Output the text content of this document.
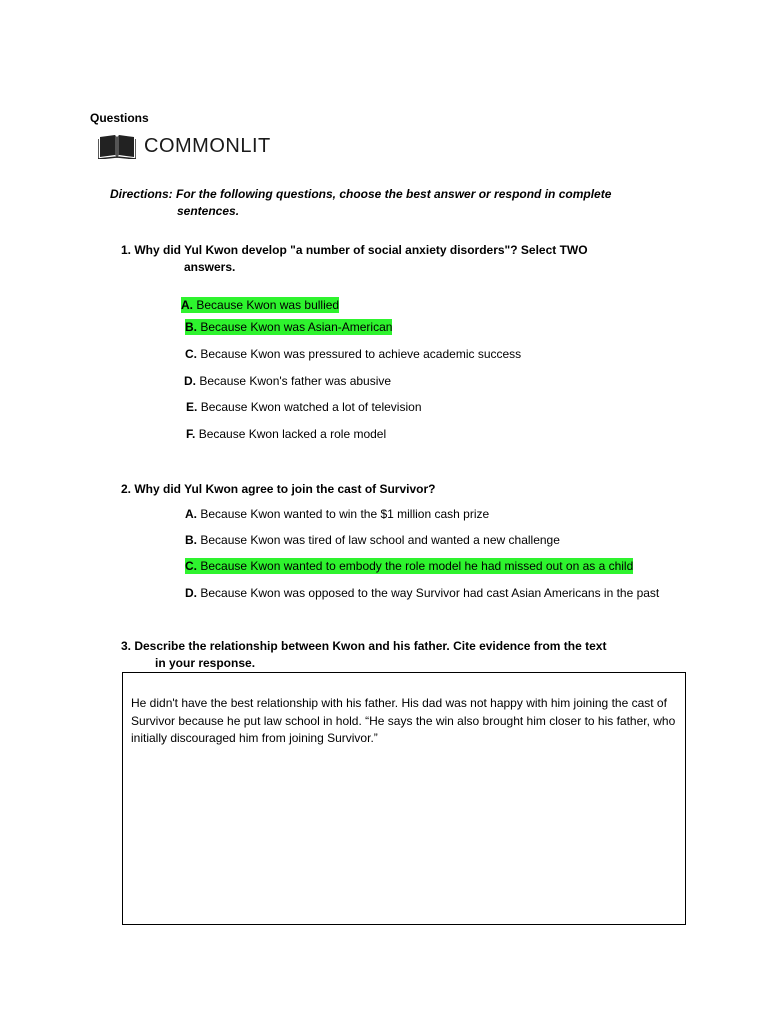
Questions
COMMONLIT
Directions: For the following questions, choose the best answer or respond in complete
sentences.
1. Why did Yul Kwon develop "a number of social anxiety disorders"? Select TWO
answers.
A. Because Kwon was bullied
B. Because Kwon was Asian-American
C. Because Kwon was pressured to achieve academic success
D. Because Kwon's father was abusive
E. Because Kwon watched a lot of television
F. Because Kwon lacked a role model
2. Why did Yul Kwon agree to join the cast of Survivor?
A. Because Kwon wanted to win the $1 million cash prize
B. Because Kwon was tired of law school and wanted a new challenge
C. Because Kwon wanted to embody the role model he had missed out on as a child
D. Because Kwon was opposed to the way Survivor had cast Asian Americans in the past
3. Describe the relationship between Kwon and his father. Cite evidence from the text
in your response.
He didn't have the best relationship with his father. His dad was not happy with him joining the cast of Survivor because he put law school in hold. “He says the win also brought him closer to his father, who initially discouraged him from joining Survivor.”
